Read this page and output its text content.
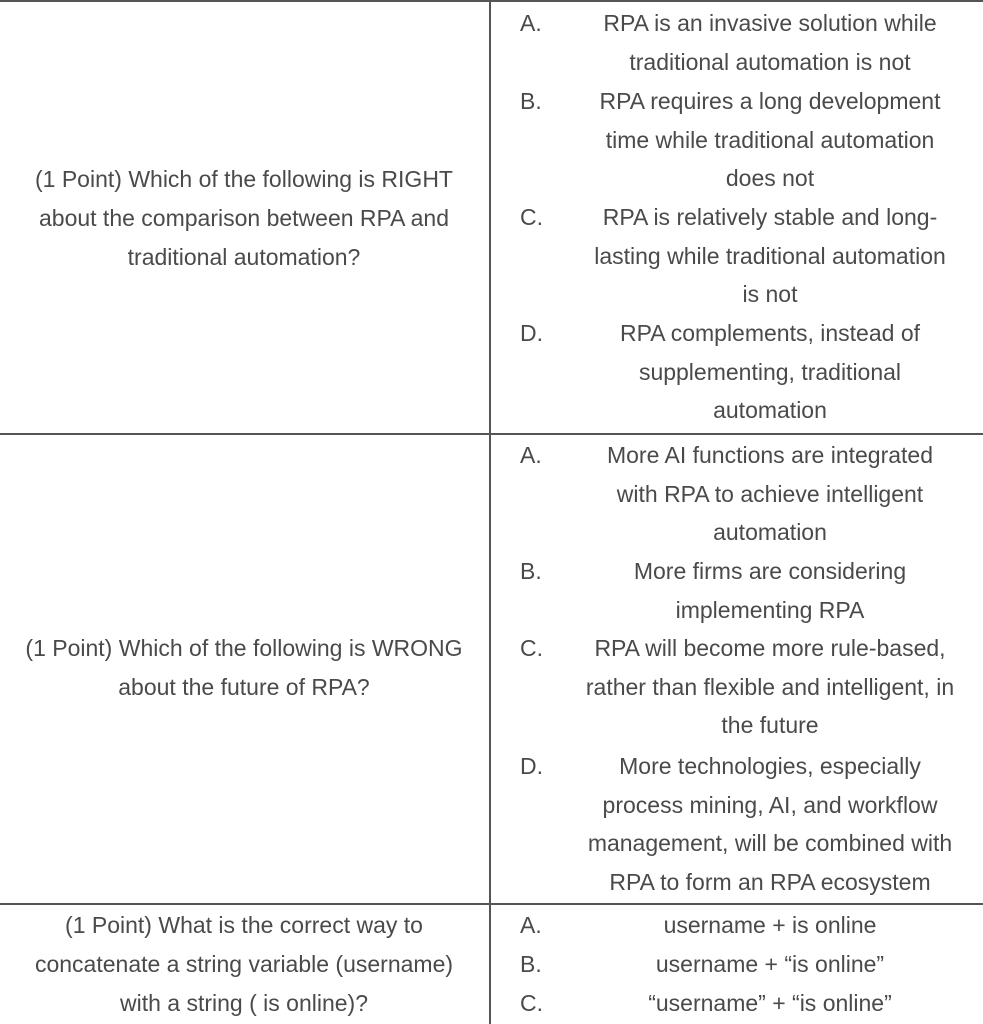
(1 Point) Which of the following is RIGHT
about the comparison between RPA and
traditional automation?
A.	RPA is an invasive solution while
traditional automation is not
B.	RPA requires a long development
time while traditional automation
does not
C.	RPA is relatively stable and long-
lasting while traditional automation
is not
D.	RPA complements, instead of
supplementing, traditional
automation
(1 Point) Which of the following is WRONG
about the future of RPA?
A.	More AI functions are integrated
with RPA to achieve intelligent
automation
B.	More firms are considering
implementing RPA
C.	RPA will become more rule-based,
rather than flexible and intelligent, in
the future
D.	More technologies, especially
process mining, AI, and workflow
management, will be combined with
RPA to form an RPA ecosystem
(1 Point) What is the correct way to
concatenate a string variable (username)
with a string ( is online)?
A.	username + is online
B.	username + “is online”
C.	“username” + “is online”
